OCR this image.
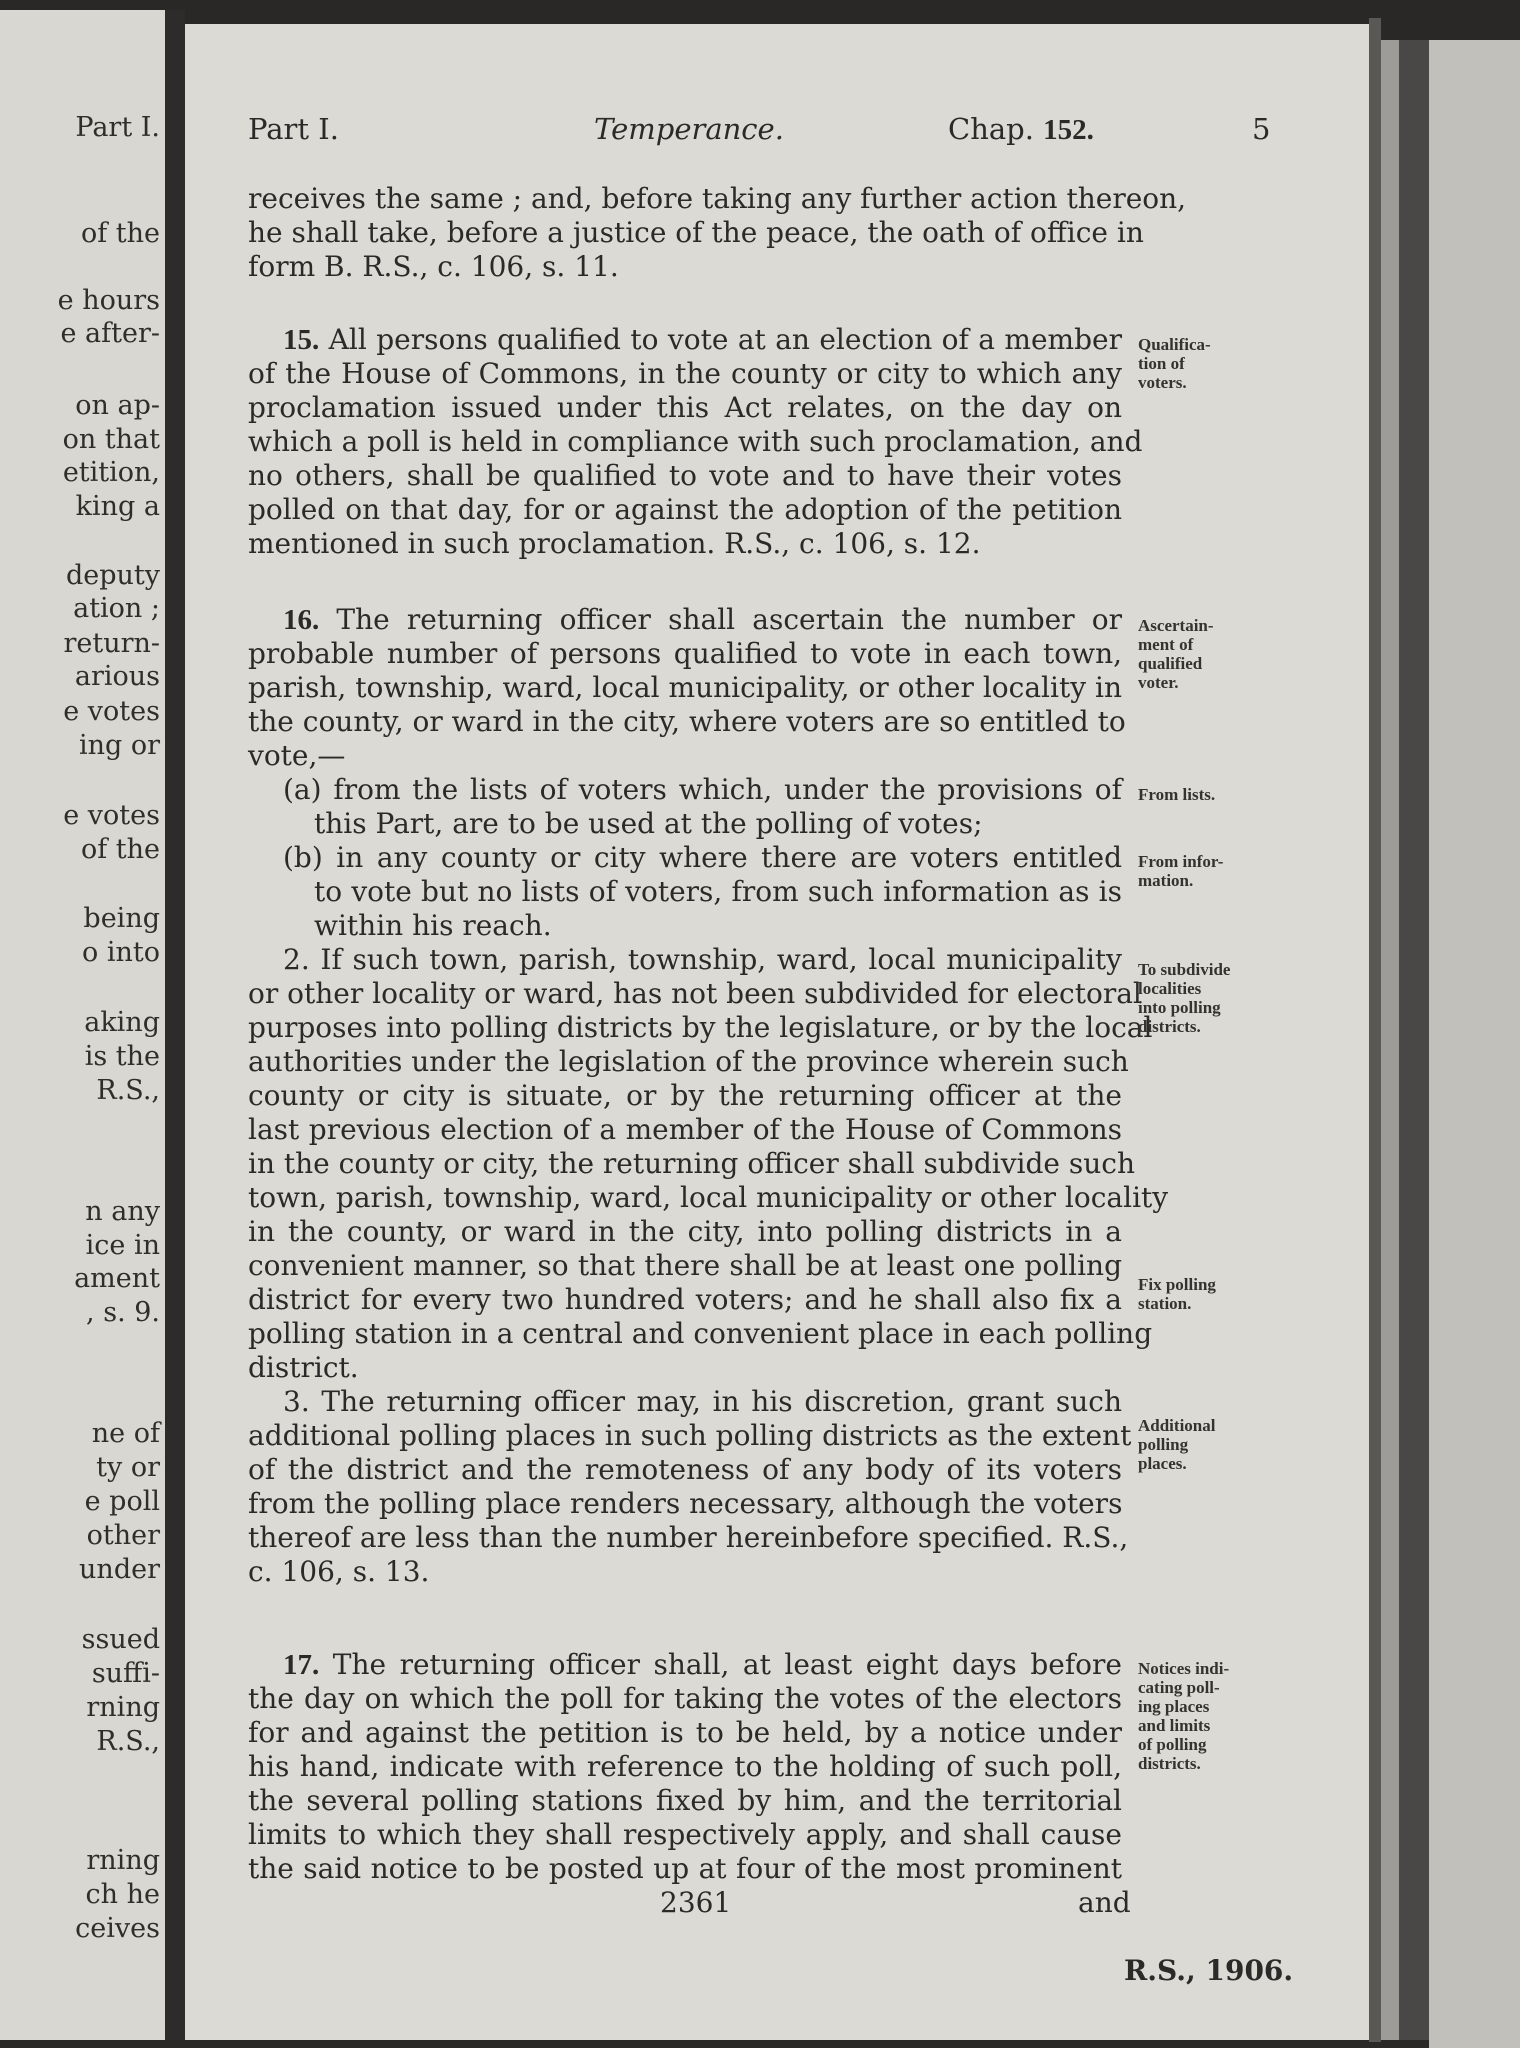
Part I.
of the
e hours
e after-
on ap-
on that
etition,
king a
deputy
ation ;
return-
arious
e votes
ing or
e votes
of the
being
o into
aking
is the
R.S.,
n any
ice in
ament
, s. 9.
ne of
ty or
e poll
other
under
ssued
suffi-
rning
R.S.,
rning
ch he
ceives
Part I.	Temperance.	Chap. 152.	5
receives the same ; and, before taking any further action thereon,
he shall take, before a justice of the peace, the oath of office in
form B. R.S., c. 106, s. 11.
15. All persons qualified to vote at an election of a member
of the House of Commons, in the county or city to which any
proclamation issued under this Act relates, on the day on
which a poll is held in compliance with such proclamation, and
no others, shall be qualified to vote and to have their votes
polled on that day, for or against the adoption of the petition
mentioned in such proclamation. R.S., c. 106, s. 12.
16. The returning officer shall ascertain the number or
probable number of persons qualified to vote in each town,
parish, township, ward, local municipality, or other locality in
the county, or ward in the city, where voters are so entitled to
vote,—
(a) from the lists of voters which, under the provisions of
this Part, are to be used at the polling of votes;
(b) in any county or city where there are voters entitled
to vote but no lists of voters, from such information as is
within his reach.
2. If such town, parish, township, ward, local municipality
or other locality or ward, has not been subdivided for electoral
purposes into polling districts by the legislature, or by the local
authorities under the legislation of the province wherein such
county or city is situate, or by the returning officer at the
last previous election of a member of the House of Commons
in the county or city, the returning officer shall subdivide such
town, parish, township, ward, local municipality or other locality
in the county, or ward in the city, into polling districts in a
convenient manner, so that there shall be at least one polling
district for every two hundred voters; and he shall also fix a
polling station in a central and convenient place in each polling
district.
3. The returning officer may, in his discretion, grant such
additional polling places in such polling districts as the extent
of the district and the remoteness of any body of its voters
from the polling place renders necessary, although the voters
thereof are less than the number hereinbefore specified. R.S.,
c. 106, s. 13.
17. The returning officer shall, at least eight days before
the day on which the poll for taking the votes of the electors
for and against the petition is to be held, by a notice under
his hand, indicate with reference to the holding of such poll,
the several polling stations fixed by him, and the territorial
limits to which they shall respectively apply, and shall cause
the said notice to be posted up at four of the most prominent
Qualifica-
tion of
voters.
Ascertain-
ment of
qualified
voter.
From lists.
From infor-
mation.
To subdivide
localities
into polling
districts.
Fix polling
station.
Additional
polling
places.
Notices indi-
cating poll-
ing places
and limits
of polling
districts.
2361	and
R.S., 1906.
